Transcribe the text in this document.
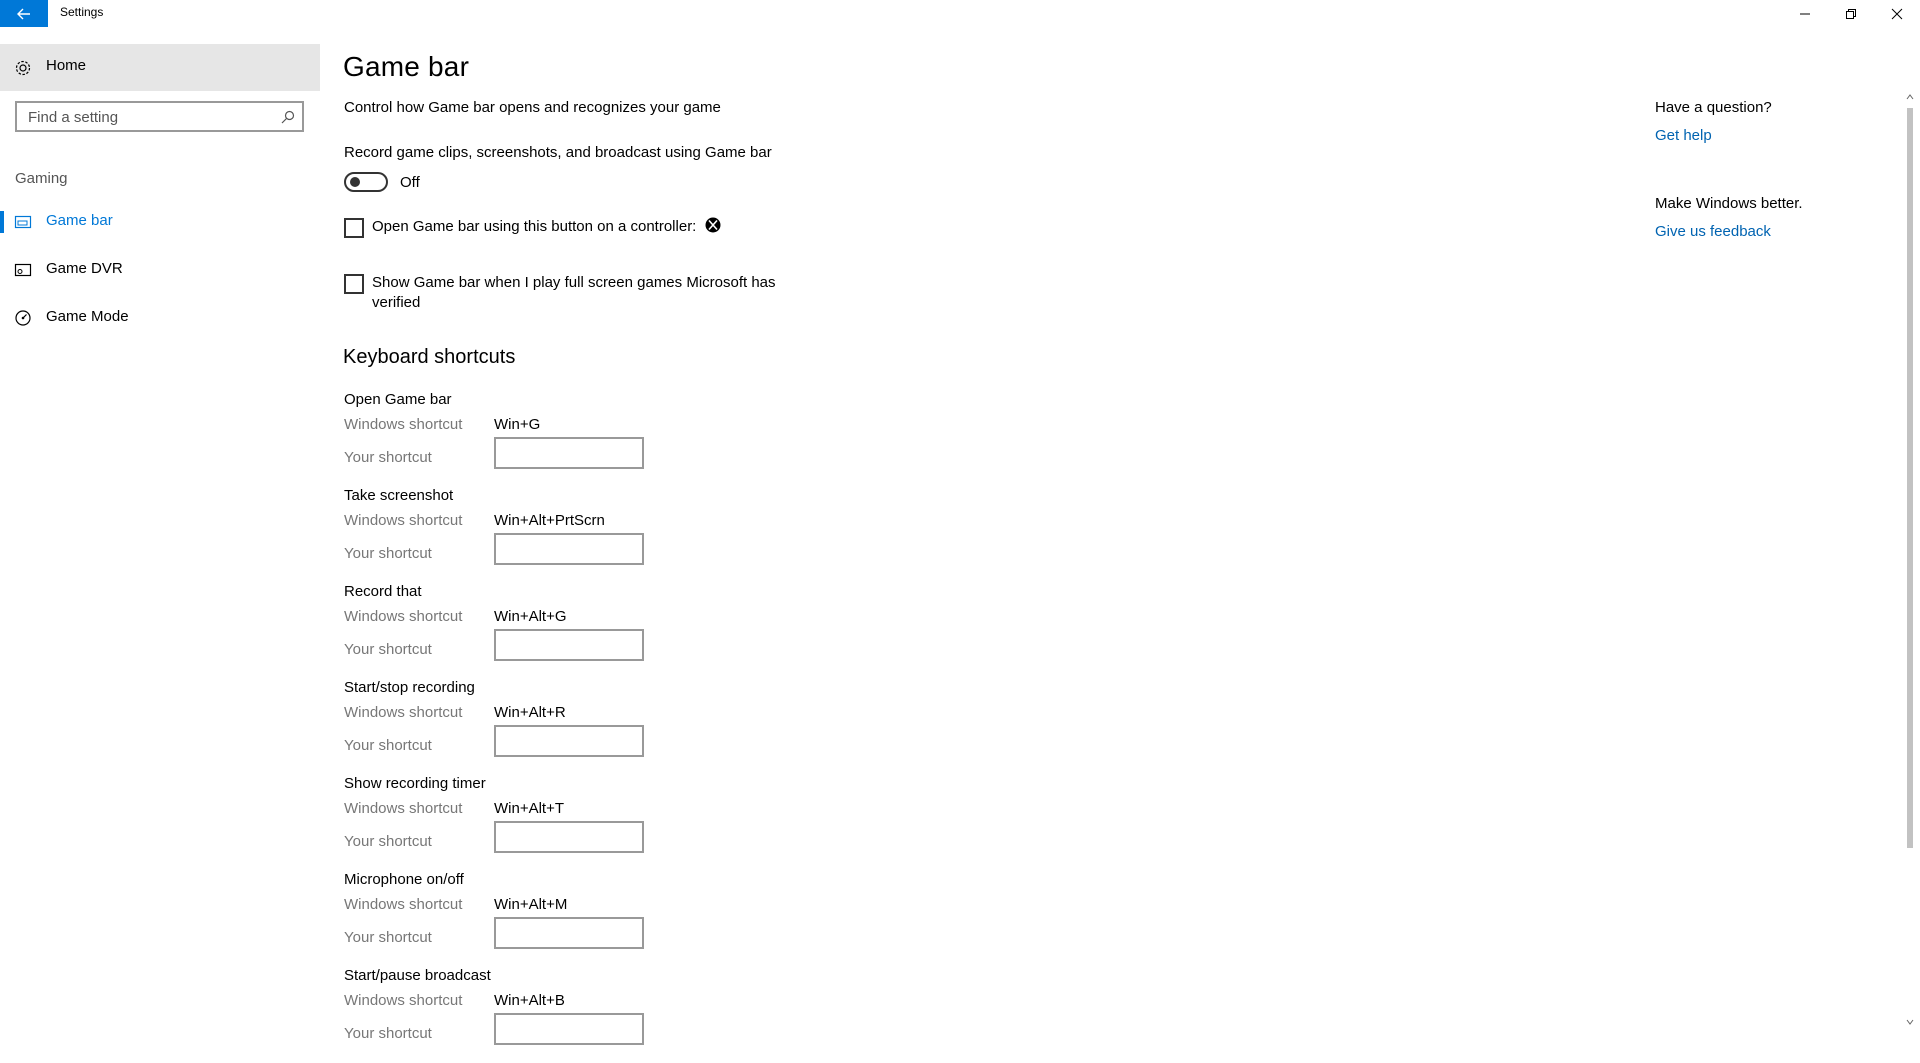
Settings
Home
Find a setting
Gaming
Game bar
Game DVR
Game Mode
Game bar
Control how Game bar opens and recognizes your game
Record game clips, screenshots, and broadcast using Game bar
Off
Open Game bar using this button on a controller:
Show Game bar when I play full screen games Microsoft has
verified
Keyboard shortcuts
Open Game bar
Windows shortcut Win+G
Your shortcut
Take screenshot
Windows shortcut Win+Alt+PrtScrn
Your shortcut
Record that
Windows shortcut Win+Alt+G
Your shortcut
Start/stop recording
Windows shortcut Win+Alt+R
Your shortcut
Show recording timer
Windows shortcut Win+Alt+T
Your shortcut
Microphone on/off
Windows shortcut Win+Alt+M
Your shortcut
Start/pause broadcast
Windows shortcut Win+Alt+B
Your shortcut
Have a question?
Get help
Make Windows better.
Give us feedback
